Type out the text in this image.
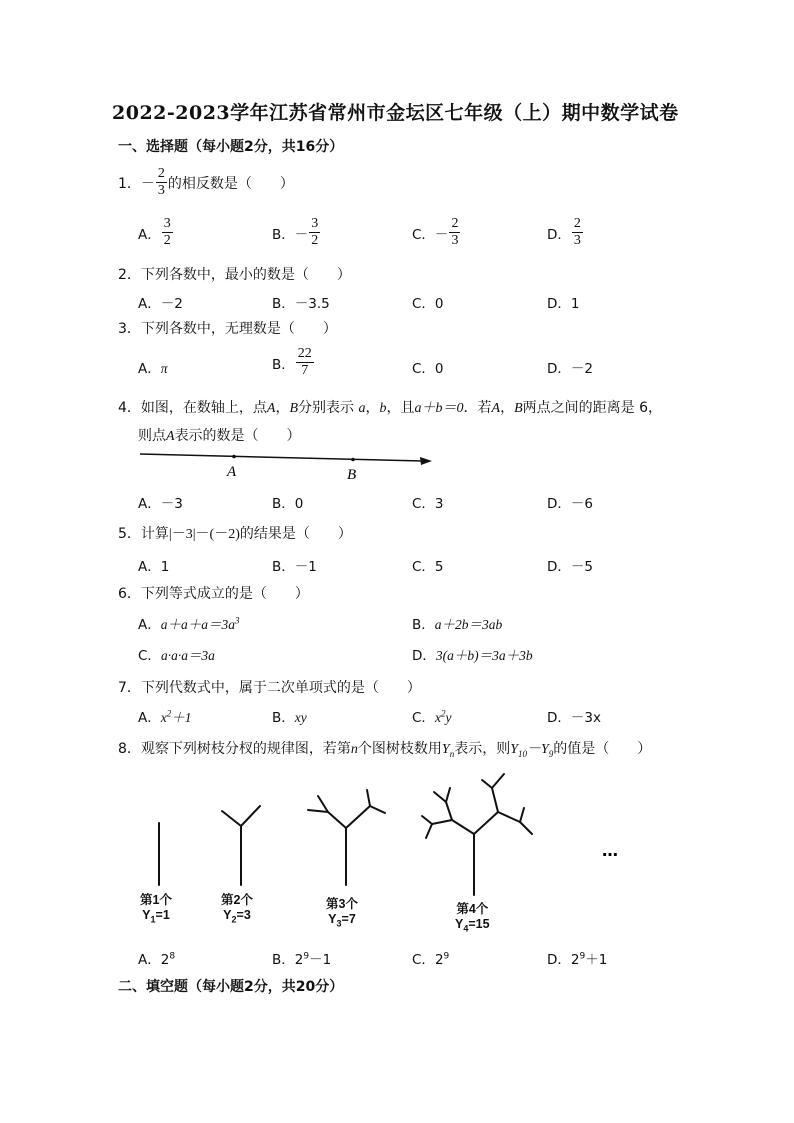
2022-2023学年江苏省常州市金坛区七年级（上）期中数学试卷
一、选择题（每小题2分，共16分）
1． － $\frac{2}{3}$ 的相反数是（　　）
A． $\frac{3}{2}$	B．－ $\frac{3}{2}$	C．－ $\frac{2}{3}$	D． $\frac{2}{3}$
2．下列各数中，最小的数是（　　）
A．－2	B．－3.5	C．0	D．1
3．下列各数中，无理数是（　　）
A．π	B． $\frac{22}{7}$	C．0	D．－2
4．如图，在数轴上，点A，B分别表示 a，b，且a＋b＝0．若A，B两点之间的距离是 6，
则点A表示的数是（　　）
A	B
A．－3	B．0	C．3	D．－6
5．计算|－3|－(－2)的结果是（　　）
A．1	B．－1	C．5	D．－5
6．下列等式成立的是（　　）
A．$a+a+a=3a^3$	B．a＋2b＝3ab
C．a·a·a＝3a	D．3(a＋b)＝3a＋3b
7．下列代数式中，属于二次单项式的是（　　）
A．$x^2+1$	B．xy	C．$x^2y$	D．－3x
8．观察下列树枝分杈的规律图，若第n个图树枝数用$Y_n$表示，则$Y_{10}-Y_9$的值是（　　）
…
第1个
$Y_1=1$
第2个
$Y_2=3$
第3个
$Y_3=7$
第4个
$Y_4=15$
A．$2^8$	B．$2^9-1$	C．$2^9$	D．$2^9+1$
二、填空题（每小题2分，共20分）
